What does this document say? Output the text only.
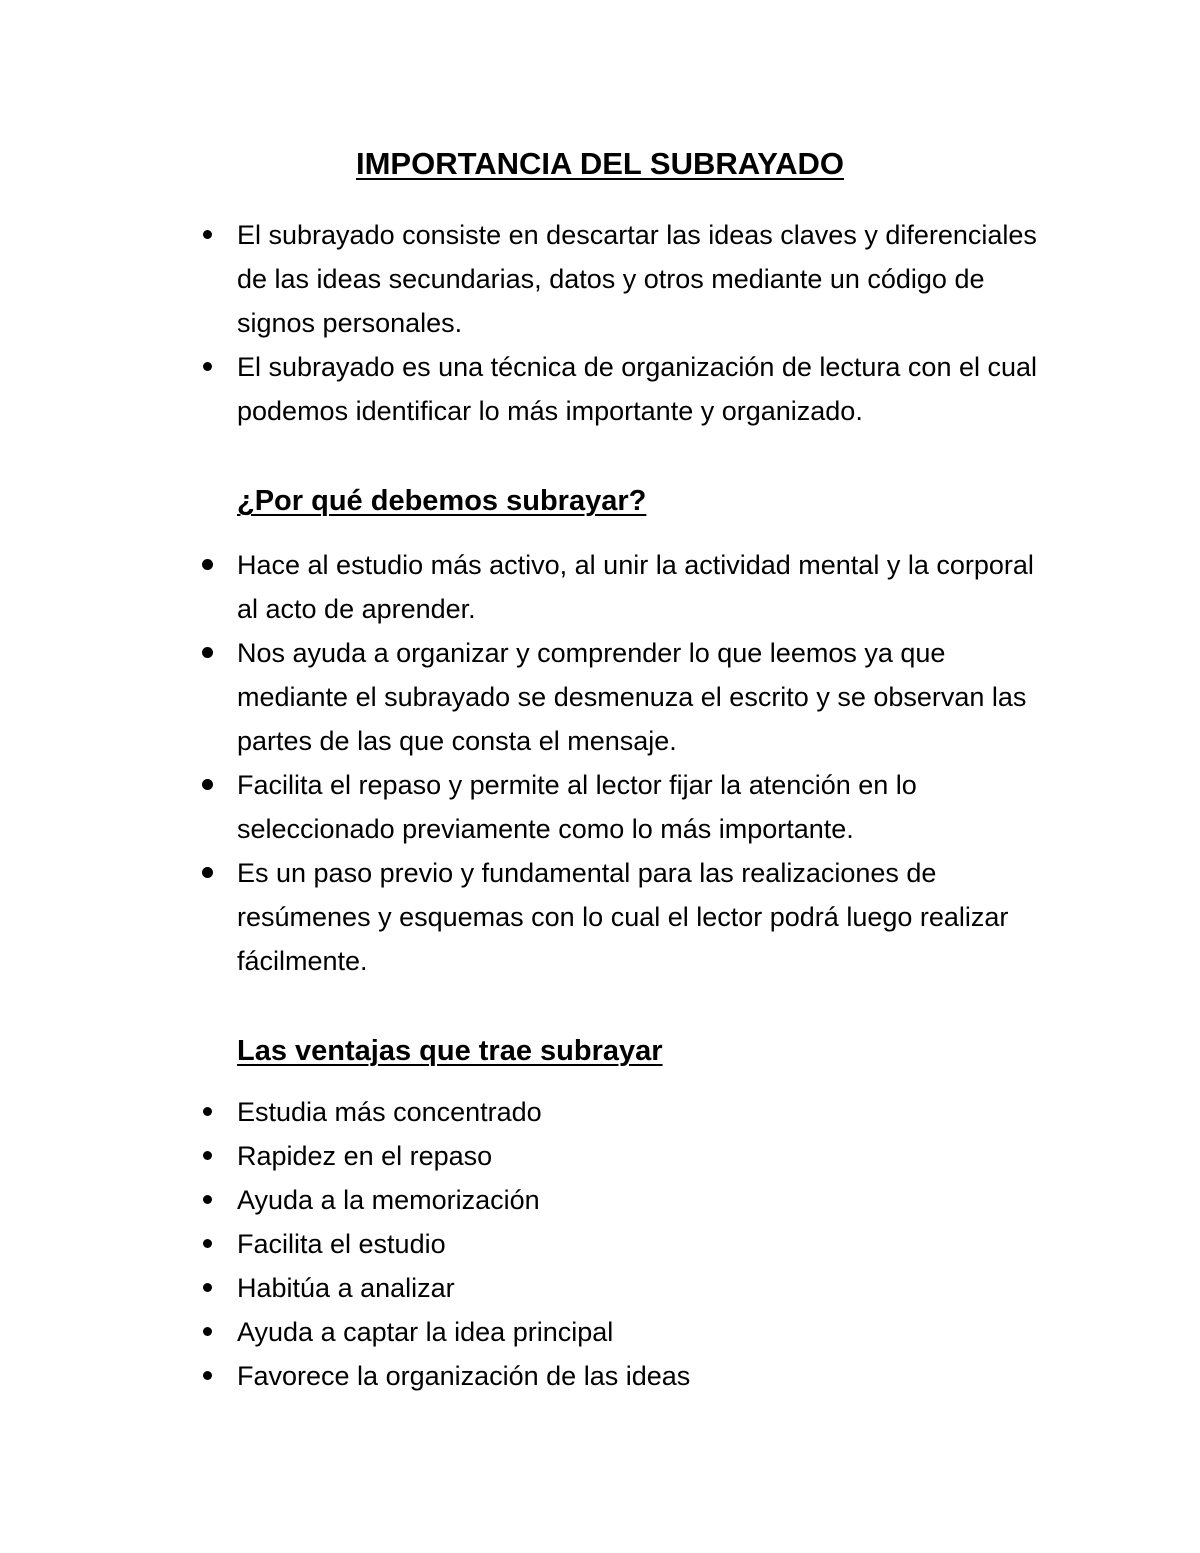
IMPORTANCIA DEL SUBRAYADO
El subrayado consiste en descartar las ideas claves y diferenciales de las ideas secundarias, datos y otros mediante un código de signos personales.
El subrayado es una técnica de organización de lectura con el cual podemos identificar lo más importante y organizado.
¿Por qué debemos subrayar?
Hace al estudio más activo, al unir la actividad mental y la corporal al acto de aprender.
Nos ayuda a organizar y comprender lo que leemos ya que mediante el subrayado se desmenuza el escrito y se observan las partes de las que consta el mensaje.
Facilita el repaso y permite al lector fijar la atención en lo seleccionado previamente como lo más importante.
Es un paso previo y fundamental para las realizaciones de resúmenes y esquemas con lo cual el lector podrá luego realizar fácilmente.
Las ventajas que trae subrayar
Estudia más concentrado
Rapidez en el repaso
Ayuda a la memorización
Facilita el estudio
Habitúa a analizar
Ayuda a captar la idea principal
Favorece la organización de las ideas
